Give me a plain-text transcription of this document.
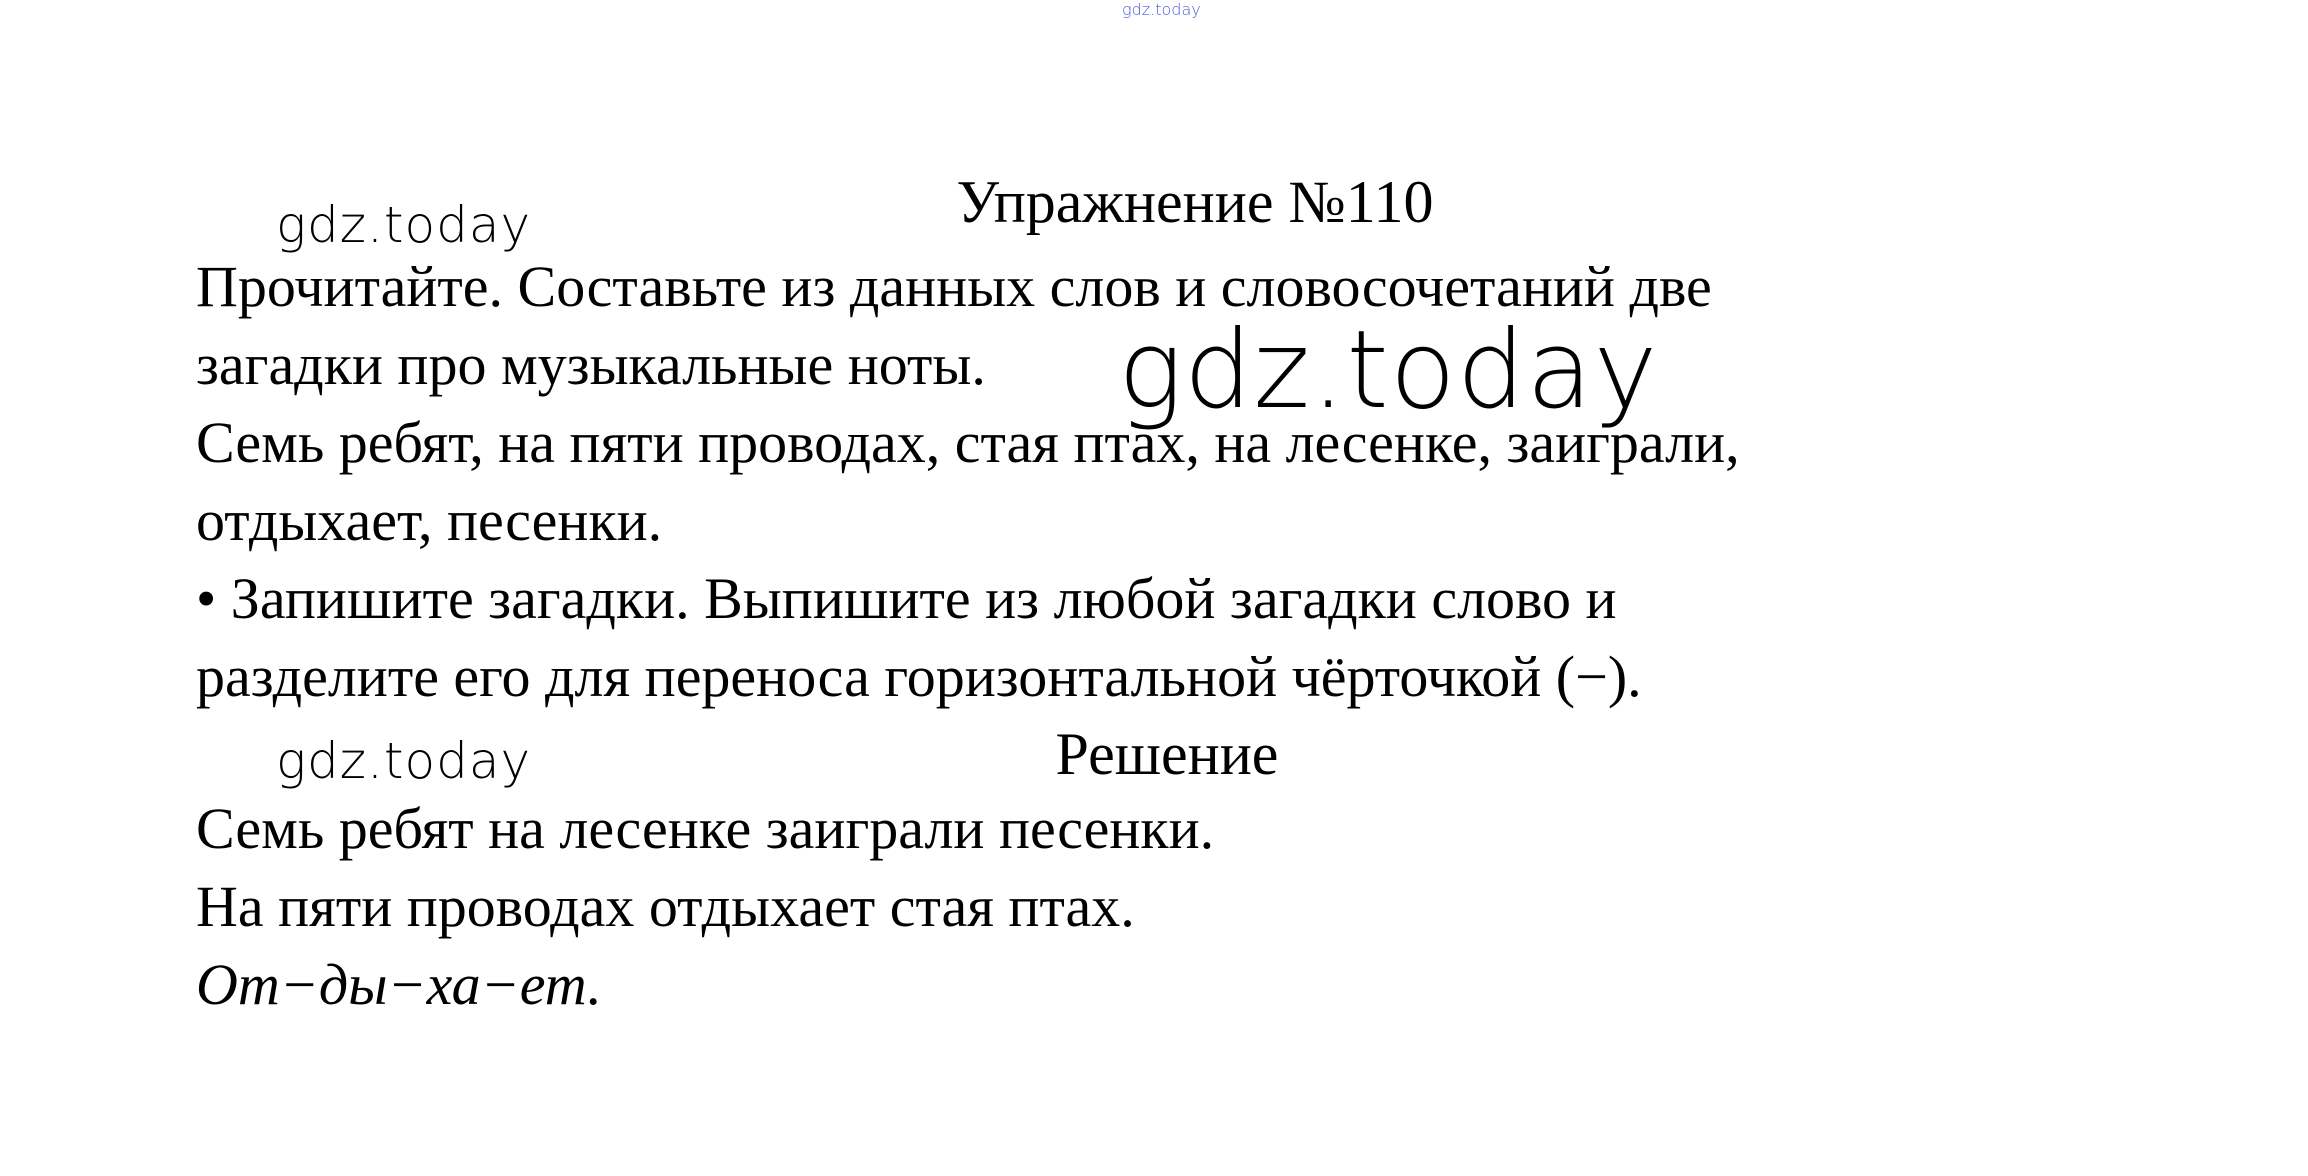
gdz.today
Упражнение №110
gdz.today
Прочитайте. Составьте из данных слов и словосочетаний две
загадки про музыкальные ноты.
Семь ребят, на пяти проводах, стая птах, на лесенке, заиграли,
отдыхает, песенки.
• Запишите загадки. Выпишите из любой загадки слово и
разделите его для переноса горизонтальной чёрточкой (−).
gdz.today
Решение
gdz.today
Семь ребят на лесенке заиграли песенки.
На пяти проводах отдыхает стая птах.
От−ды−ха−ет.
